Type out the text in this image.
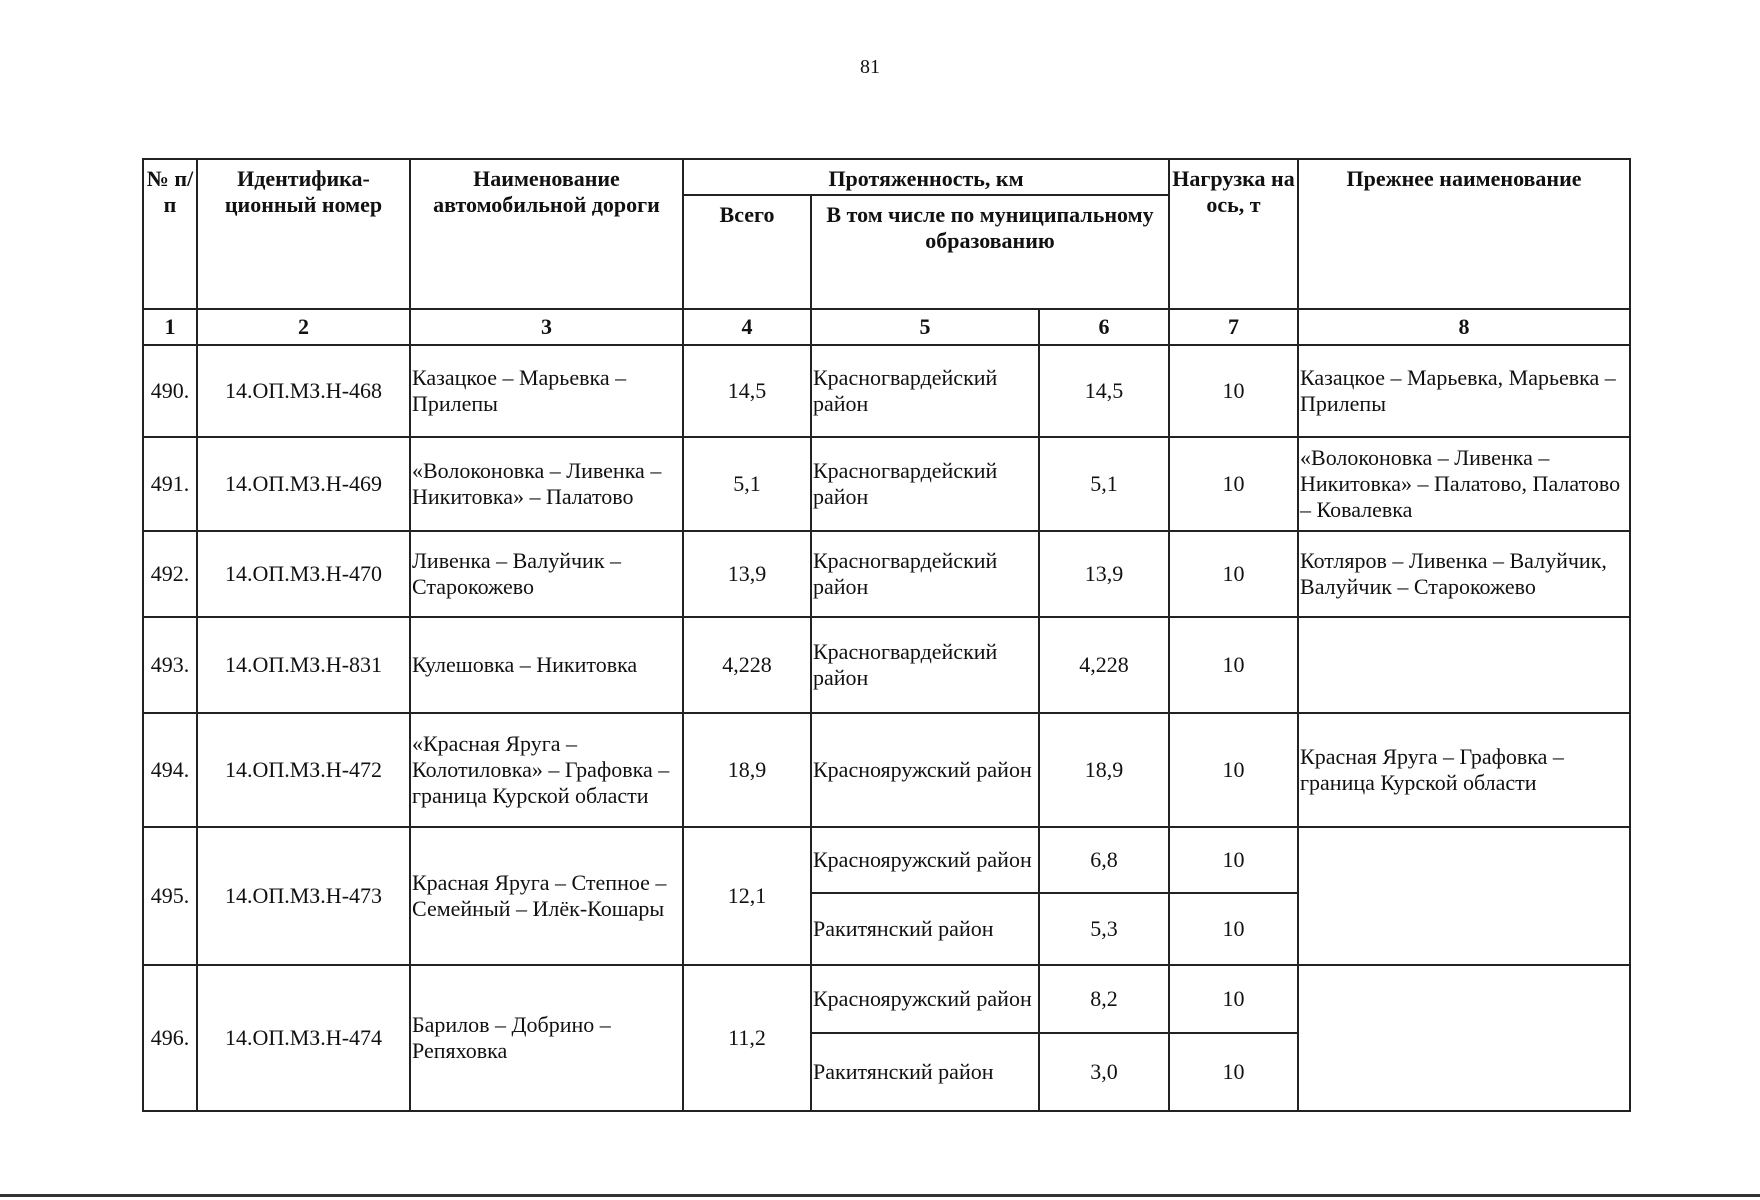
81
№ п/п	Идентифика-ционный номер	Наименование автомобильной дороги	Протяженность, км			Нагрузка на ось, т	Прежнее наименование
			Всего	В том числе по муниципальному образованию			
1	2	3	4	5	6	7	8
490.	14.ОП.МЗ.Н-468	Казацкое – Марьевка – Прилепы	14,5	Красногвардейский район	14,5	10	Казацкое – Марьевка, Марьевка – Прилепы
491.	14.ОП.МЗ.Н-469	«Волоконовка – Ливенка – Никитовка» – Палатово	5,1	Красногвардейский район	5,1	10	«Волоконовка – Ливенка – Никитовка» – Палатово, Палатово – Ковалевка
492.	14.ОП.МЗ.Н-470	Ливенка – Валуйчик – Старокожево	13,9	Красногвардейский район	13,9	10	Котляров – Ливенка – Валуйчик, Валуйчик – Старокожево
493.	14.ОП.МЗ.Н-831	Кулешовка – Никитовка	4,228	Красногвардейский район	4,228	10	
494.	14.ОП.МЗ.Н-472	«Красная Яруга – Колотиловка» – Графовка – граница Курской области	18,9	Краснояружский район	18,9	10	Красная Яруга – Графовка – граница Курской области
495.	14.ОП.МЗ.Н-473	Красная Яруга – Степное – Семейный – Илёк-Кошары	12,1	Краснояружский район	6,8	10	
				Ракитянский район	5,3	10	
496.	14.ОП.МЗ.Н-474	Барилов – Добрино – Репяховка	11,2	Краснояружский район	8,2	10	
				Ракитянский район	3,0	10	
